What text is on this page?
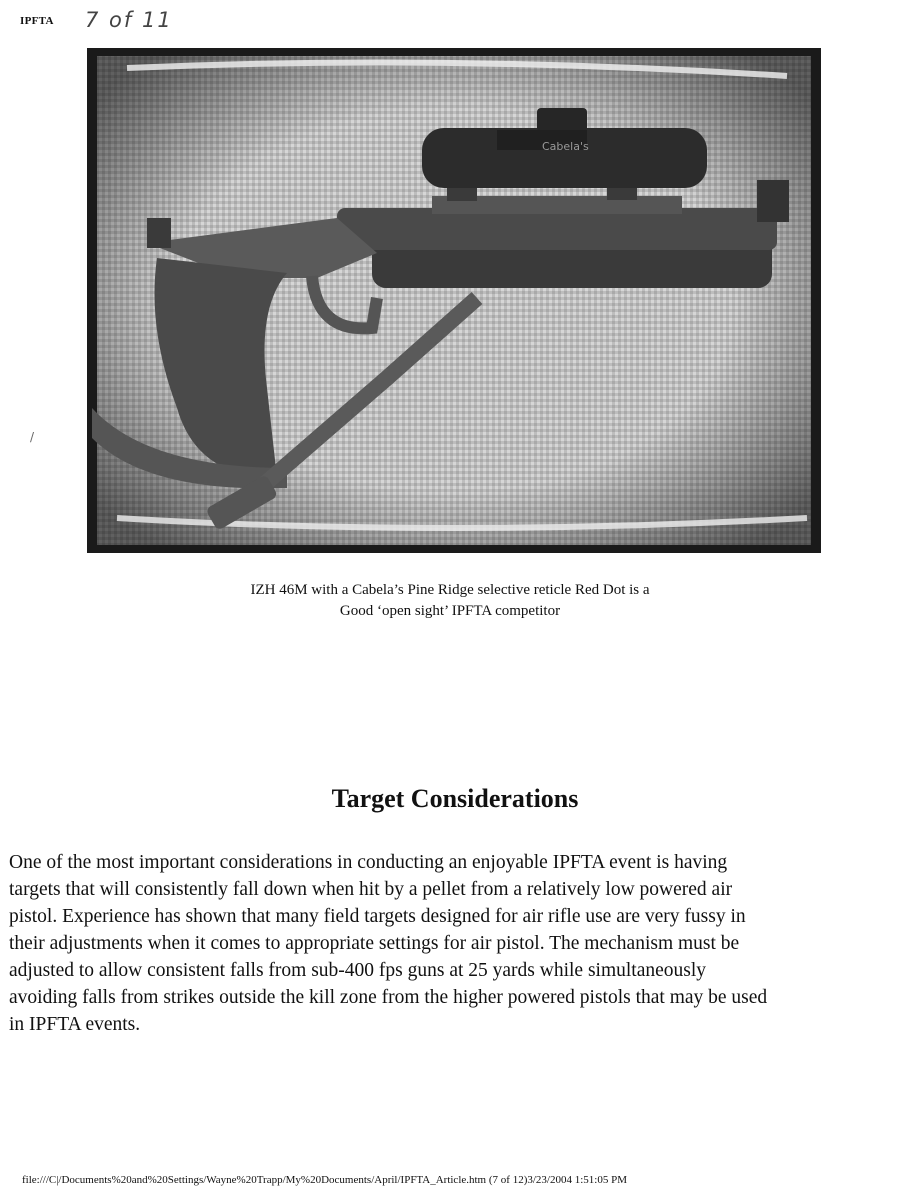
IPFTA 7 of 11
/
Cabela's
IZH 46M with a Cabela’s Pine Ridge selective reticle Red Dot is a
Good ‘open sight’ IPFTA competitor
Target Considerations
One of the most important considerations in conducting an enjoyable IPFTA event is having
targets that will consistently fall down when hit by a pellet from a relatively low powered air
pistol. Experience has shown that many field targets designed for air rifle use are very fussy in
their adjustments when it comes to appropriate settings for air pistol. The mechanism must be
adjusted to allow consistent falls from sub-400 fps guns at 25 yards while simultaneously
avoiding falls from strikes outside the kill zone from the higher powered pistols that may be used
in IPFTA events.
file:///C|/Documents%20and%20Settings/Wayne%20Trapp/My%20Documents/April/IPFTA_Article.htm (7 of 12)3/23/2004 1:51:05 PM
